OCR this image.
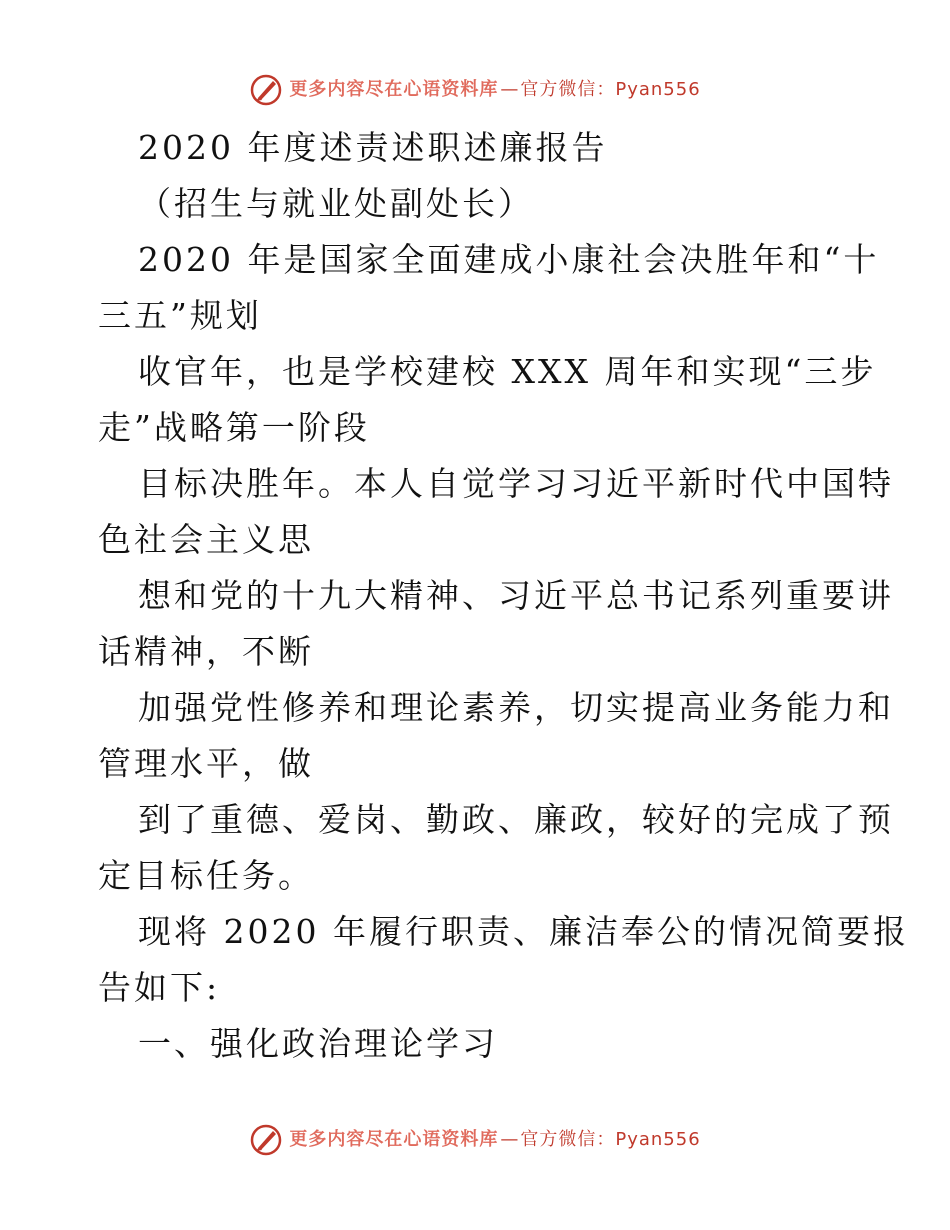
更多内容尽在心语资料库 — 官方微信：Pyan556
2020 年度述责述职述廉报告
（招生与就业处副处长）
2020 年是国家全面建成小康社会决胜年和“十
三五”规划
收官年，也是学校建校 XXX 周年和实现“三步
走”战略第一阶段
目标决胜年。本人自觉学习习近平新时代中国特
色社会主义思
想和党的十九大精神、习近平总书记系列重要讲
话精神，不断
加强党性修养和理论素养，切实提高业务能力和
管理水平，做
到了重德、爱岗、勤政、廉政，较好的完成了预
定目标任务。
现将 2020 年履行职责、廉洁奉公的情况简要报
告如下:
一、强化政治理论学习
更多内容尽在心语资料库 — 官方微信：Pyan556
